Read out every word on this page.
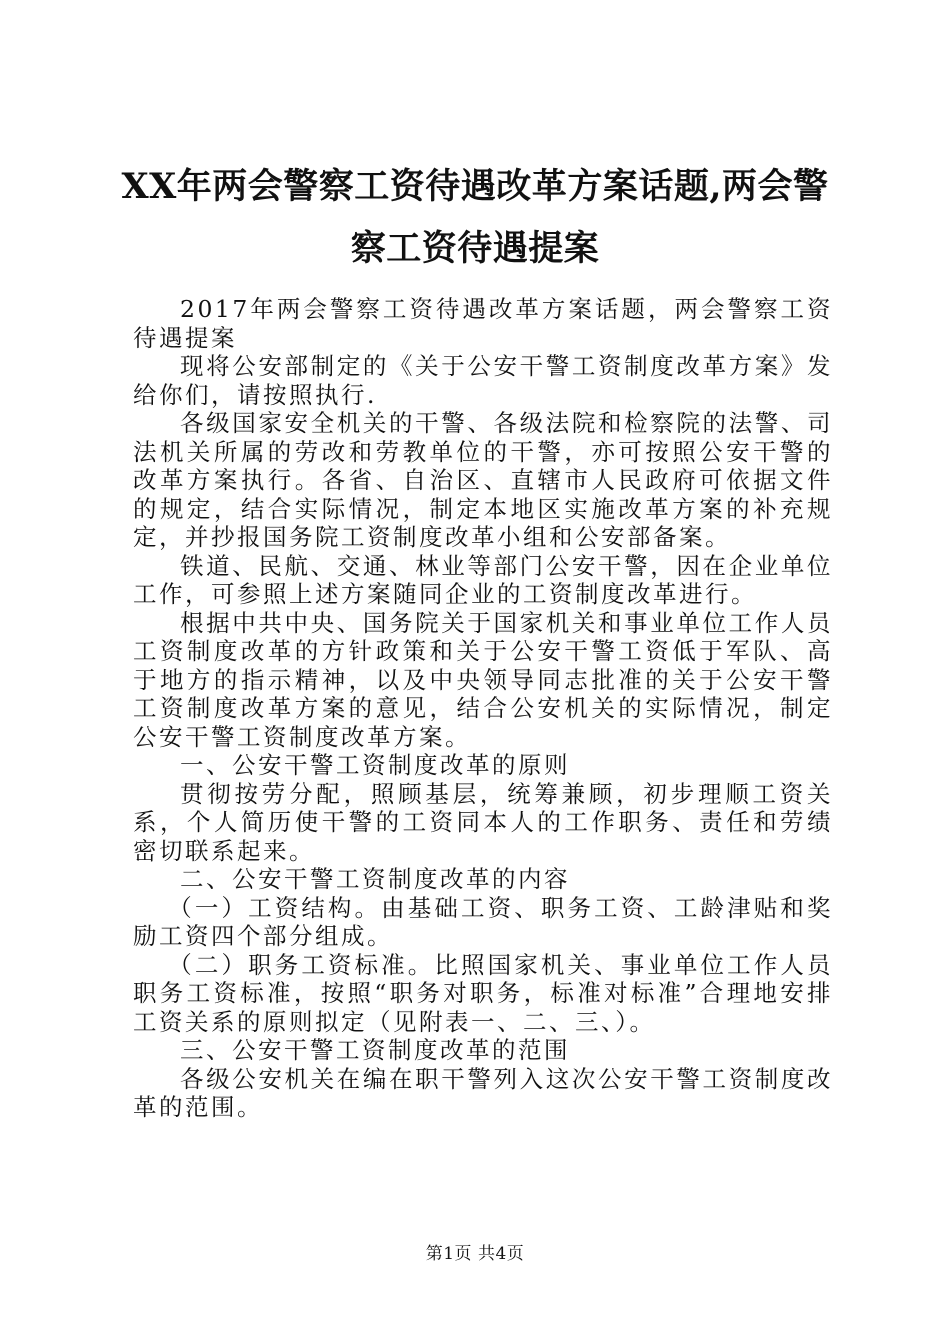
XX年两会警察工资待遇改革方案话题,两会警察工资待遇提案

2017年两会警察工资待遇改革方案话题，两会警察工资待遇提案

现将公安部制定的《关于公安干警工资制度改革方案》发给你们，请按照执行.

各级国家安全机关的干警、各级法院和检察院的法警、司法机关所属的劳改和劳教单位的干警，亦可按照公安干警的改革方案执行。各省、自治区、直辖市人民政府可依据文件的规定，结合实际情况，制定本地区实施改革方案的补充规定，并抄报国务院工资制度改革小组和公安部备案。

铁道、民航、交通、林业等部门公安干警，因在企业单位工作，可参照上述方案随同企业的工资制度改革进行。

根据中共中央、国务院关于国家机关和事业单位工作人员工资制度改革的方针政策和关于公安干警工资低于军队、高于地方的指示精神，以及中央领导同志批准的关于公安干警工资制度改革方案的意见，结合公安机关的实际情况，制定公安干警工资制度改革方案。

一、公安干警工资制度改革的原则

贯彻按劳分配，照顾基层，统筹兼顾，初步理顺工资关系，个人简历使干警的工资同本人的工作职务、责任和劳绩密切联系起来。

二、公安干警工资制度改革的内容

（一）工资结构。由基础工资、职务工资、工龄津贴和奖励工资四个部分组成。

（二）职务工资标准。比照国家机关、事业单位工作人员职务工资标准，按照“职务对职务，标准对标准”合理地安排工资关系的原则拟定（见附表一、二、三、）。

三、公安干警工资制度改革的范围

各级公安机关在编在职干警列入这次公安干警工资制度改革的范围。

第1页 共4页
